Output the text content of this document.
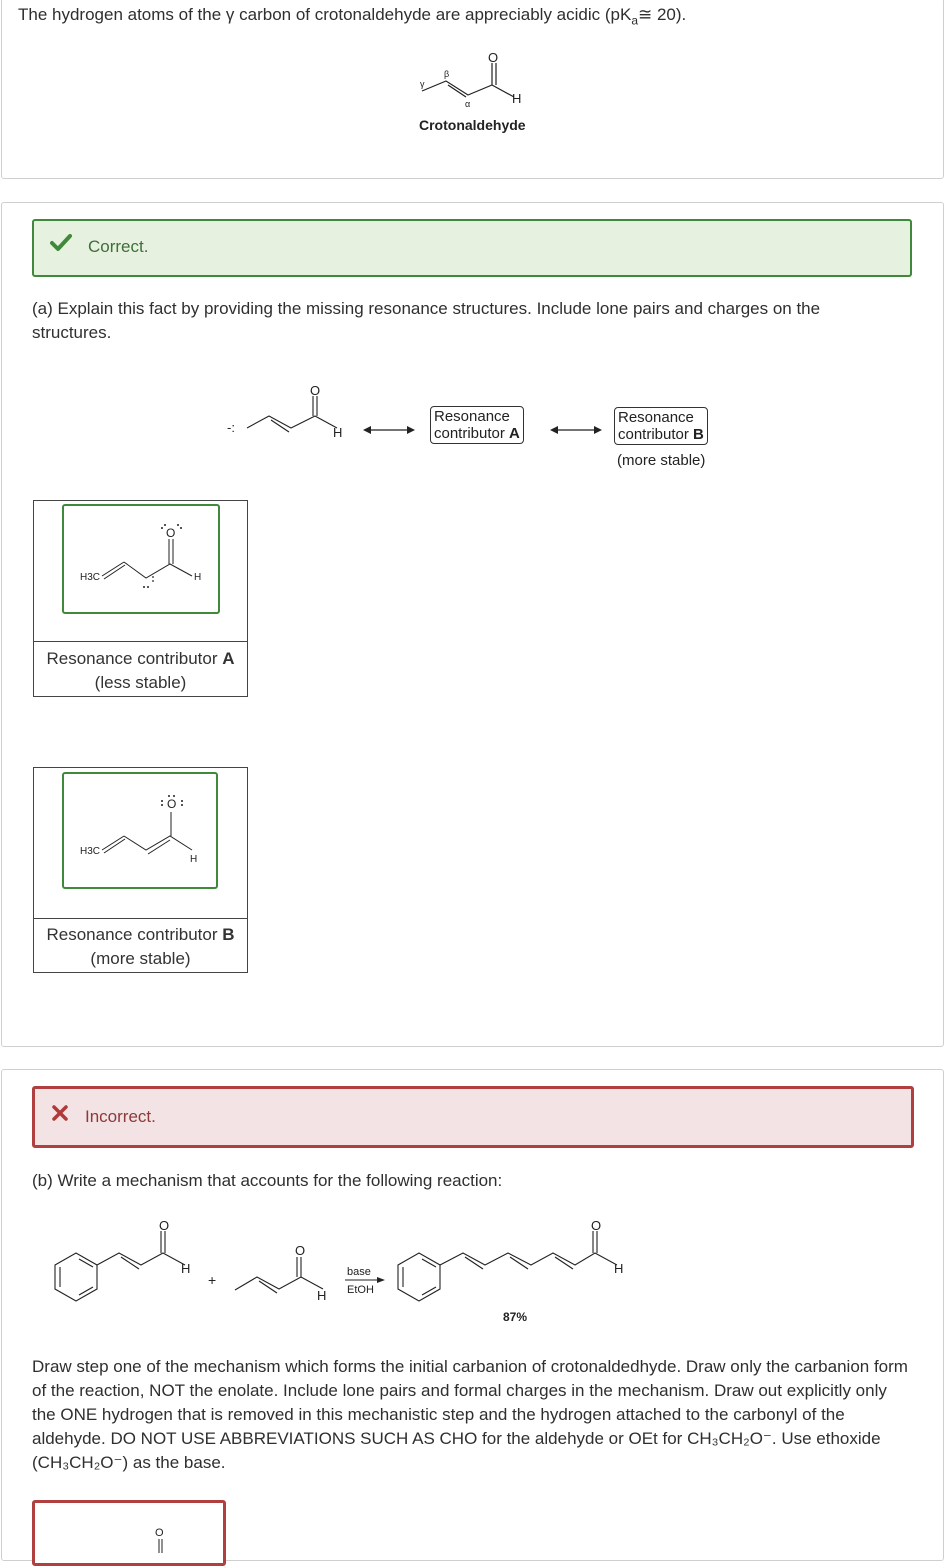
The hydrogen atoms of the γ carbon of crotonaldehyde are appreciably acidic ($pK_a≅$ 20).
γ
β
α
O
H
Crotonaldehyde
Correct.
(a) Explain this fact by providing the missing resonance structures. Include lone pairs and charges on the structures.
-:
O
H
Resonance
contributor A
Resonance
contributor B
(more stable)
H3C
O
H
Resonance contributor A
(less stable)
H3C
O
H
Resonance contributor B
(more stable)
Incorrect.
(b) Write a mechanism that accounts for the following reaction:
O
H
+
O
H
base
EtOH
O
H
87%
Draw step one of the mechanism which forms the initial carbanion of crotonaldedhyde. Draw only the carbanion form of the reaction, NOT the enolate. Include lone pairs and formal charges in the mechanism. Draw out explicitly only the ONE hydrogen that is removed in this mechanistic step and the hydrogen attached to the carbonyl of the aldehyde. DO NOT USE ABBREVIATIONS SUCH AS CHO for the aldehyde or OEt for CH₃CH₂O⁻. Use ethoxide (CH₃CH₂O⁻) as the base.
O
